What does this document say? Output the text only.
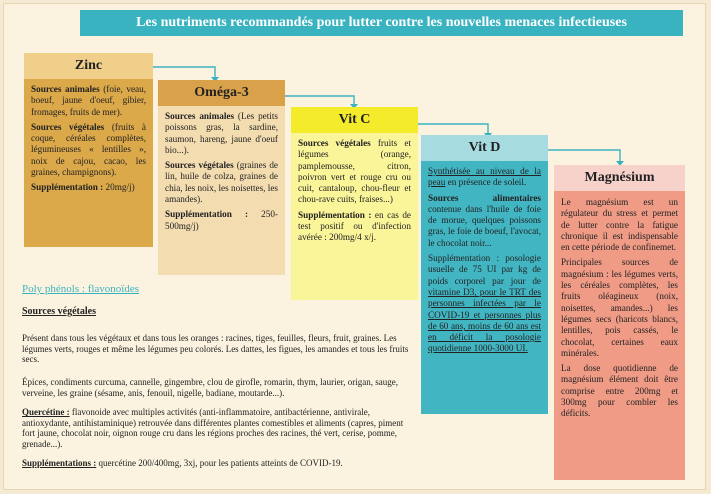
Les nutriments recommandés pour lutter contre les nouvelles menaces infectieuses
Zinc

Sources animales (foie, veau, boeuf, jaune d'oeuf, gibier, fromages, fruits de mer).

Sources végétales (fruits à coque, céréales complètes, légumineuses « lentilles », noix de cajou, cacao, les graines, champignons).

Supplémentation : 20mg/j)

Oméga-3

Sources animales (Les petits poissons gras, la sardine, saumon, hareng, jaune d'oeuf bio...).

Sources végétales (graines de lin, huile de colza, graines de chia, les noix, les noisettes, les amandes).

Supplémentation : 250-500mg/j)

Vit C

Sources végétales fruits et légumes (orange, pamplemousse, citron, poivron vert et rouge cru ou cuit, cantaloup, chou-fleur et chou-rave cuits, fraises...)

Supplémentation : en cas de test positif ou d'infection avérée : 200mg/4 x/j.

Vit D

Synthétisée au niveau de la peau en présence de soleil.

Sources alimentaires contenue dans l'huile de foie de morue, quelques poissons gras, le foie de boeuf, l'avocat, le chocolat noir...

Supplémentation : posologie usuelle de 75 UI par kg de poids corporel par jour de vitamine D3, pour le TRT des personnes infectées par le COVID-19 et personnes plus de 60 ans, moins de 60 ans est en déficit la posologie quotidienne 1000-3000 UI.

Magnésium

Le magnésium est un régulateur du stress et permet de lutter contre la fatigue chronique il est indispensable en cette période de confinemet.

Principales sources de magnésium : les légumes verts, les céréales complètes, les fruits oléagineux (noix, noisettes, amandes...) les légumes secs (haricots blancs, lentilles, pois cassés, le chocolat, certaines eaux minérales.

La dose quotidienne de magnésium élément doit être comprise entre 200mg et 300mg pour combler les déficits.

Poly phénols : flavonoïdes
Sources végétales
Présent dans tous les végétaux et dans tous les oranges : racines, tiges, feuilles, fleurs, fruit, graines. Les légumes verts, rouges et même les légumes peu colorés. Les dattes, les figues, les amandes et tous les fruits secs.
Épices, condiments curcuma, cannelle, gingembre, clou de girofle, romarin, thym, laurier, origan, sauge, verveine, les graine (sésame, anis, fenouil, nigelle, badiane, moutarde...).
Quercétine : flavonoide avec multiples activités (anti-inflammatoire, antibactérienne, antivirale, antioxydante, antihistaminique) retrouvée dans différentes plantes comestibles et aliments (capres, piment fort jaune, chocolat noir, oignon rouge cru dans les régions proches des racines, thé vert, cerise, pomme, grenade...).
Supplémentations : quercétine 200/400mg, 3xj, pour les patients atteints de COVID-19.
